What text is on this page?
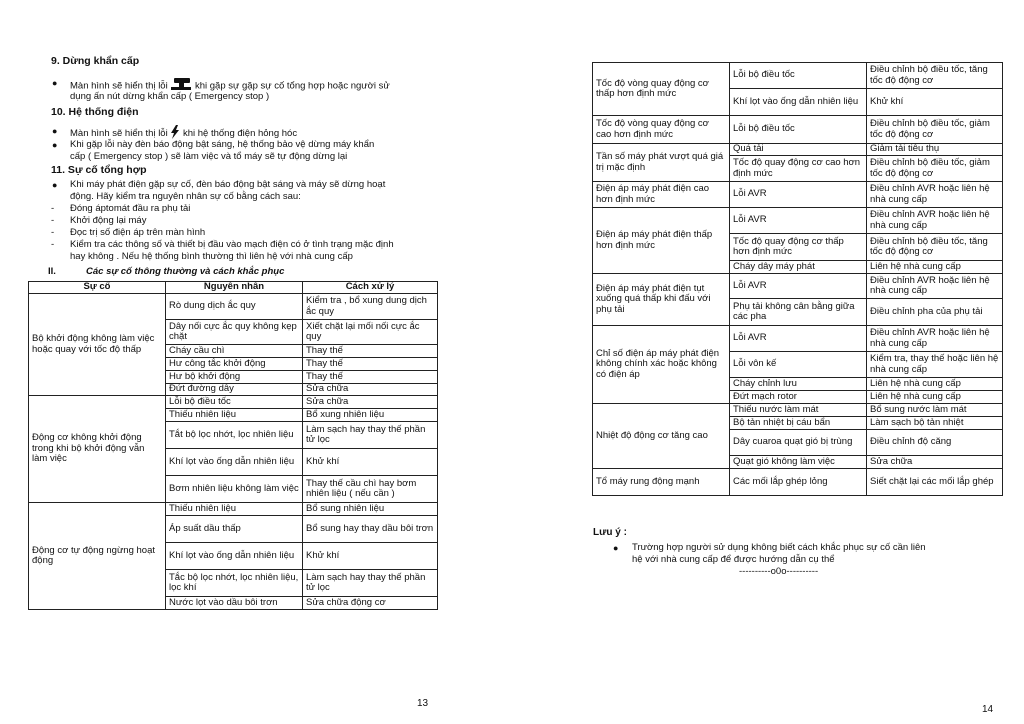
9. Dừng khẩn cấp
● Màn hình sẽ hiển thị lỗi	khi gặp sự gặp sự cố tổng hợp hoặc người sử
dụng ấn nút dừng khẩn cấp ( Emergency stop )
10. Hệ thống điện
● Màn hình sẽ hiển thị lỗi khi hệ thống điện hỏng hóc
● Khi gặp lỗi này đèn báo động bật sáng, hệ thống bảo vệ dừng máy khẩn
cấp ( Emergency stop ) sẽ làm việc và tổ máy sẽ tự động dừng lại
11. Sự cố tổng hợp
● Khi máy phát điện gặp sự cố, đèn báo động bật sáng và máy sẽ dừng hoạt
động. Hãy kiểm tra nguyên nhân sự cố bằng cách sau:
- Đóng áptomát đầu ra phụ tải
- Khởi động lại máy
- Đọc trị số điện áp trên màn hình
- Kiểm tra các thông số và thiết bị đầu vào mạch điện có ở tình trạng mặc định
hay không . Nếu hệ thống bình thường thì liên hệ với nhà cung cấp
II.	Các sự cố thông thường và cách khắc phục
Sự cố	Nguyên nhân	Cách xử lý
Bộ khởi động không làm việc hoặc quay với tốc độ thấp	Rò dung dịch ắc quy	Kiểm tra , bổ xung dung dịch ắc quy
	Dây nối cực ắc quy không kẹp chặt	Xiết chặt lại mối nối cực ắc quy
	Cháy cầu chì	Thay thế
	Hư công tắc khởi động	Thay thế
	Hư bộ khởi động	Thay thế
	Đứt đường dây	Sửa chữa
Động cơ không khởi động trong khi bộ khởi động vẫn làm việc	Lỗi bộ điều tốc	Sửa chữa
	Thiếu nhiên liệu	Bổ xung nhiên liệu
	Tắt bộ lọc nhớt, lọc nhiên liệu	Làm sạch hay thay thế phần tử lọc
	Khí lọt vào ống dẫn nhiên liệu	Khử khí
	Bơm nhiên liệu không làm việc	Thay thế cầu chì hay bơm nhiên liệu ( nếu cần )
Động cơ tự động ngừng hoạt động	Thiếu nhiên liệu	Bổ sung nhiên liệu
	Áp suất dầu thấp	Bổ sung hay thay dầu bôi trơn
	Khí lọt vào ống dẫn nhiên liệu	Khử khí
	Tắc bộ lọc nhớt, lọc nhiên liệu, lọc khí	Làm sạch hay thay thế phần tử lọc
	Nước lọt vào dầu bôi trơn	Sửa chữa động cơ
13
Tốc độ vòng quay động cơ thấp hơn định mức	Lỗi bộ điều tốc	Điều chỉnh bộ điều tốc, tăng tốc độ động cơ
	Khí lọt vào ống dẫn nhiên liệu	Khử khí
Tốc độ vòng quay động cơ cao hơn định mức	Lỗi bộ điều tốc	Điều chỉnh bộ điều tốc, giảm tốc độ động cơ
Tần số máy phát vượt quá giá trị mặc định	Quá tải	Giảm tải tiêu thụ
	Tốc độ quay động cơ cao hơn định mức	Điều chỉnh bộ điều tốc, giảm tốc độ động cơ
Điện áp máy phát điện cao hơn định mức	Lỗi AVR	Điều chỉnh AVR hoặc liên hệ nhà cung cấp
Điện áp máy phát điện thấp hơn định mức	Lỗi AVR	Điều chỉnh AVR hoặc liên hệ nhà cung cấp
	Tốc độ quay động cơ thấp hơn định mức	Điều chỉnh bộ điều tốc, tăng tốc độ động cơ
	Cháy dây máy phát	Liên hệ nhà cung cấp
Điện áp máy phát điện tụt xuống quá thấp khi đấu với phụ tải	Lỗi AVR	Điều chỉnh AVR hoặc liên hệ nhà cung cấp
	Phụ tải không cân bằng giữa các pha	Điều chỉnh pha của phụ tải
Chỉ số điện áp máy phát điện không chính xác hoặc không có điện áp	Lỗi AVR	Điều chỉnh AVR hoặc liên hệ nhà cung cấp
	Lỗi vôn kế	Kiểm tra, thay thế hoặc liên hệ nhà cung cấp
	Cháy chỉnh lưu	Liên hệ nhà cung cấp
	Đứt mạch rotor	Liên hệ nhà cung cấp
Nhiệt độ động cơ tăng cao	Thiếu nước làm mát	Bổ sung nước làm mát
	Bộ tản nhiệt bị cáu bẩn	Làm sạch bộ tản nhiệt
	Dây cuaroa quạt gió bị trùng	Điều chỉnh độ căng
	Quạt gió không làm việc	Sửa chữa
Tổ máy rung động mạnh	Các mối lắp ghép lỏng	Siết chặt lại các mối lắp ghép
Lưu ý :
● Trường hợp người sử dụng không biết cách khắc phục sự cố cần liên
hệ với nhà cung cấp để được hướng dẫn cụ thể
----------o0o----------
14
